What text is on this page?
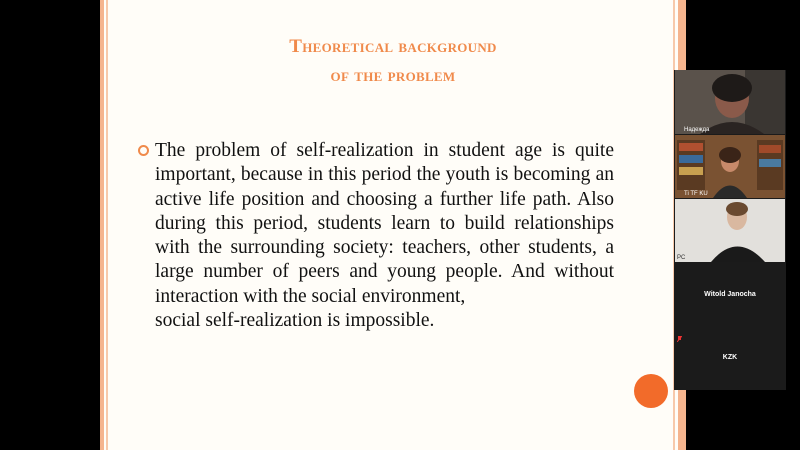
Theoretical background
of the problem
The problem of self-realization in student age is quite important, because in this period the youth is becoming an active life position and choosing a further life path. Also during this period, students learn to build relationships with the surrounding society: teachers, other students, a large number of peers and young people. And without interaction with the social environment,
social self-realization is impossible.
Надежда
Ti TF KU
PC
Witold Janocha
KZK
